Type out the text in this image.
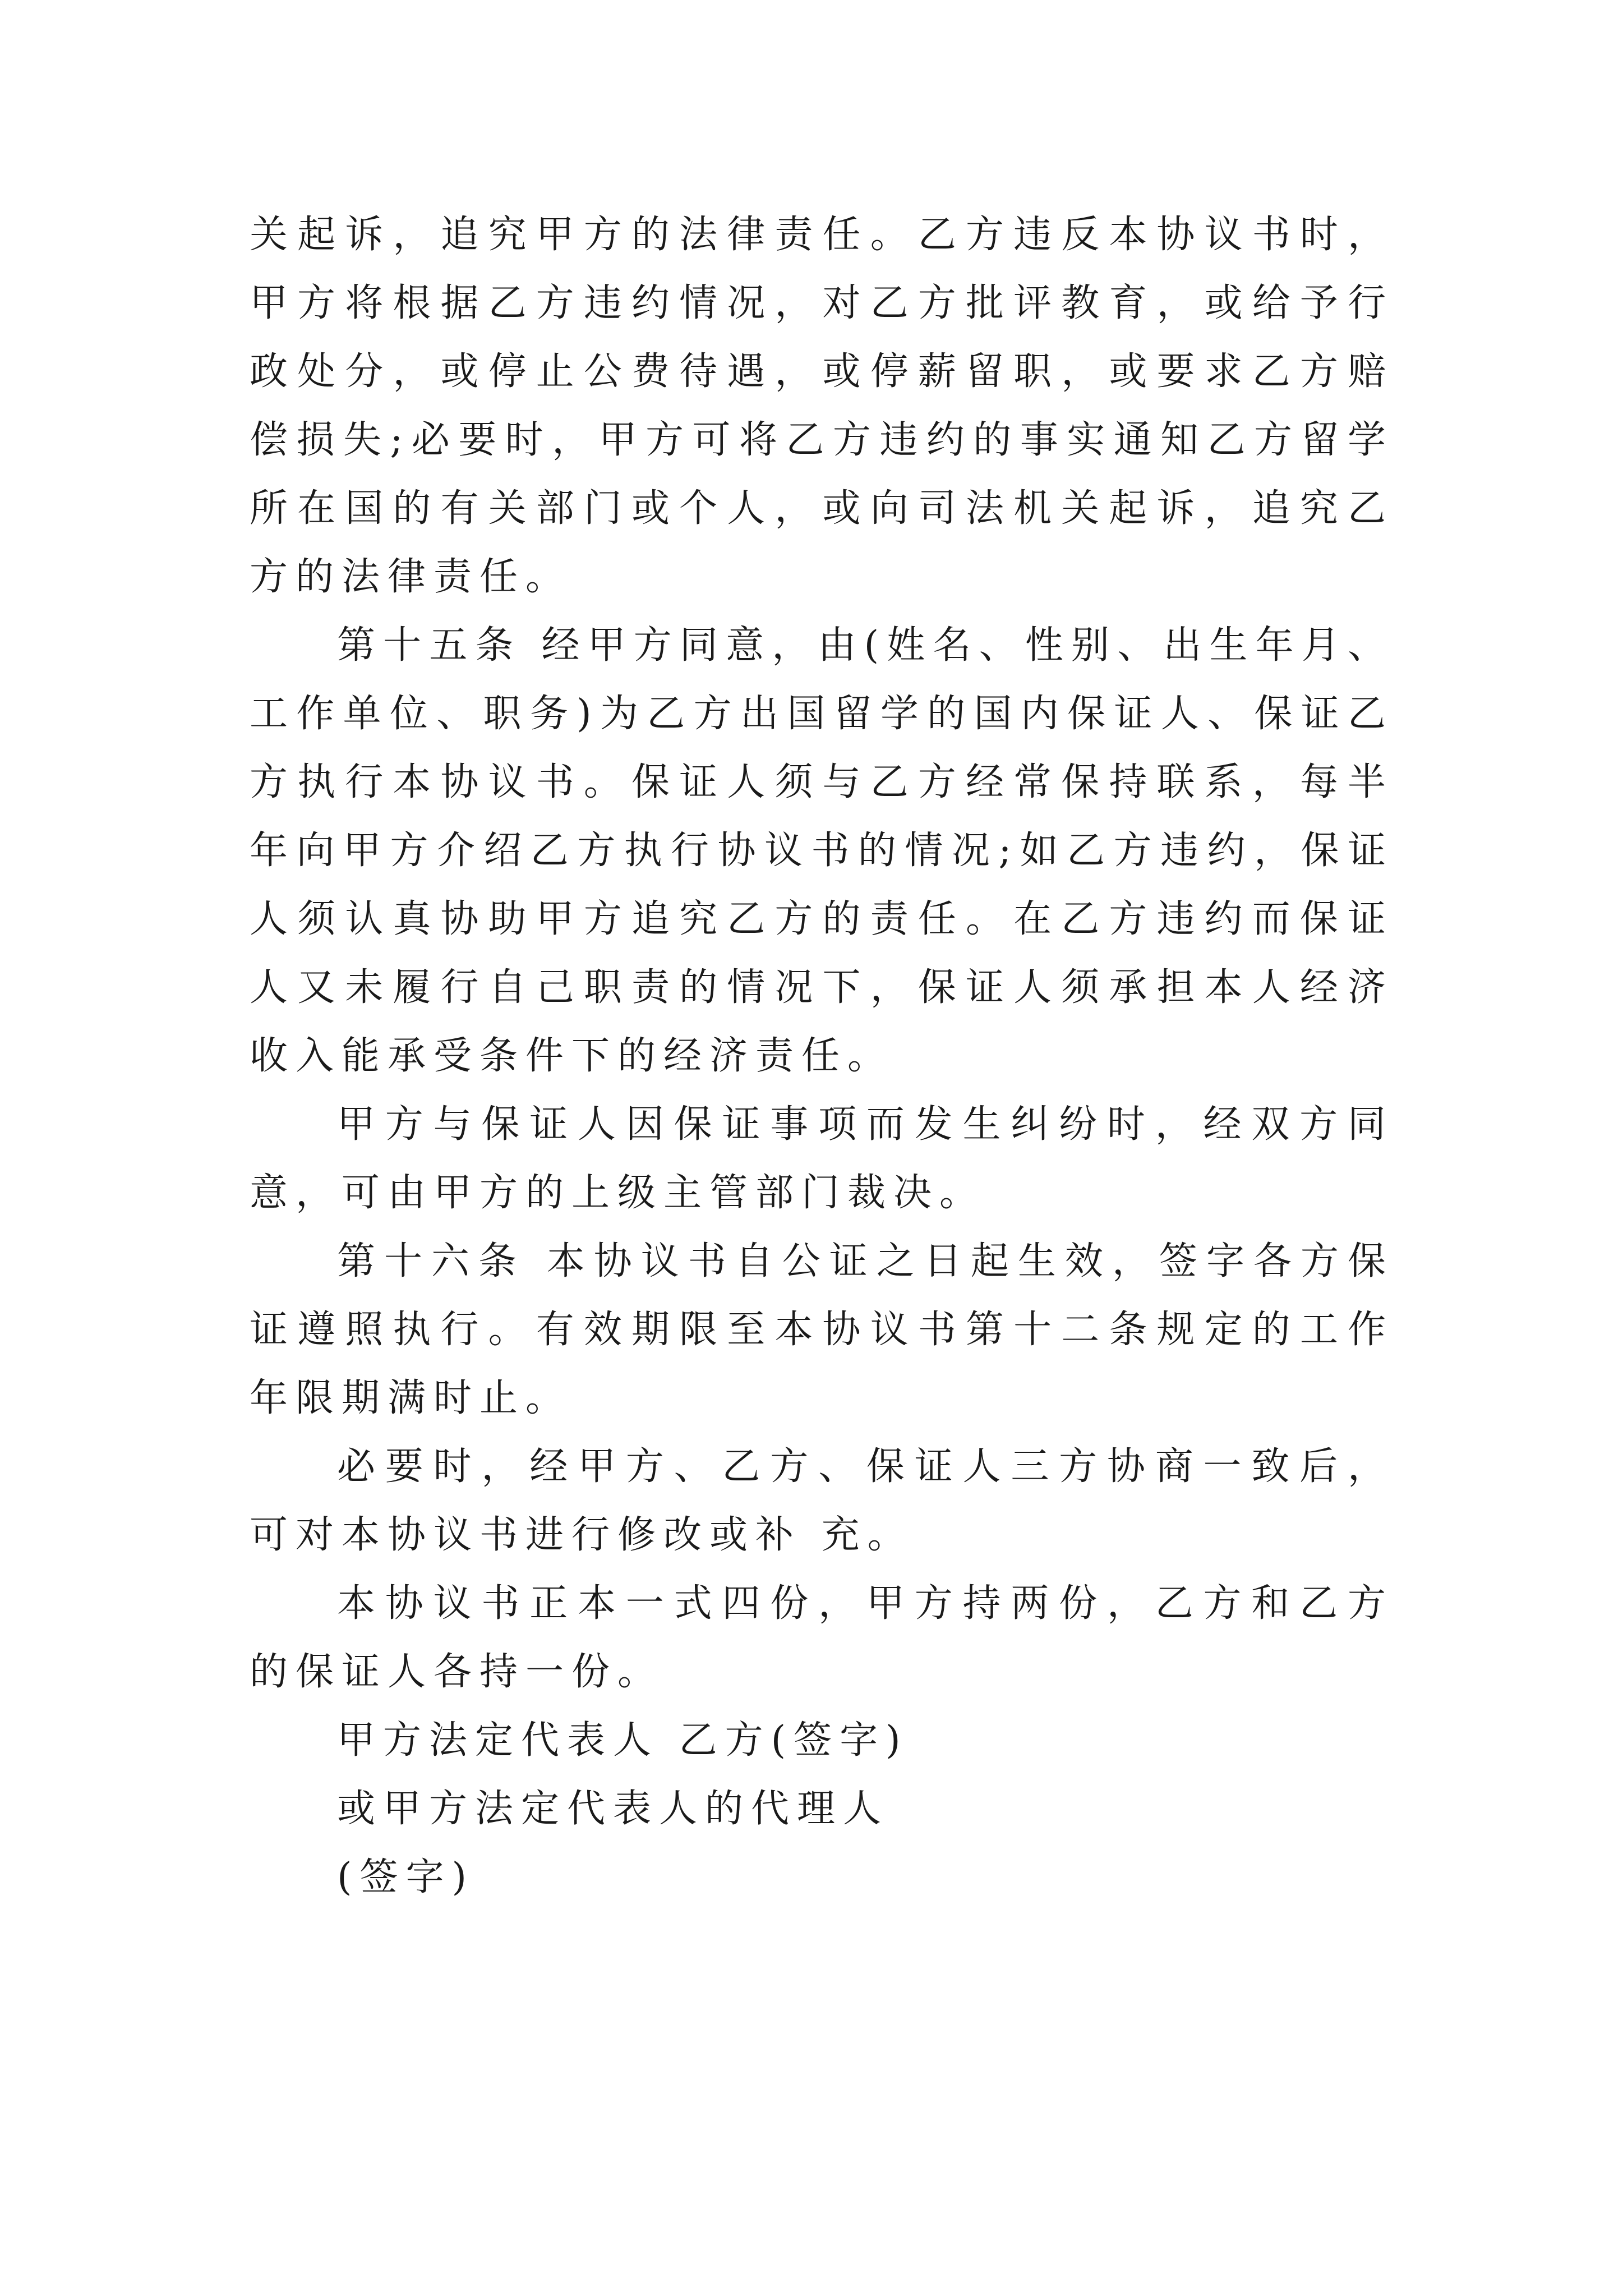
关起诉，追究甲方的法律责任。乙方违反本协议书时，甲方将根据乙方违约情况，对乙方批评教育，或给予行政处分，或停止公费待遇，或停薪留职，或要求乙方赔偿损失;必要时，甲方可将乙方违约的事实通知乙方留学所在国的有关部门或个人，或向司法机关起诉，追究乙方的法律责任。

第十五条 经甲方同意，由(姓名、性别、出生年月、工作单位、职务)为乙方出国留学的国内保证人、保证乙方执行本协议书。保证人须与乙方经常保持联系，每半年向甲方介绍乙方执行协议书的情况;如乙方违约，保证人须认真协助甲方追究乙方的责任。在乙方违约而保证人又未履行自己职责的情况下，保证人须承担本人经济收入能承受条件下的经济责任。

甲方与保证人因保证事项而发生纠纷时，经双方同意，可由甲方的上级主管部门裁决。

第十六条 本协议书自公证之日起生效，签字各方保证遵照执行。有效期限至本协议书第十二条规定的工作年限期满时止。

必要时，经甲方、乙方、保证人三方协商一致后，可对本协议书进行修改或补 充。

本协议书正本一式四份，甲方持两份，乙方和乙方的保证人各持一份。

甲方法定代表人 乙方(签字)

或甲方法定代表人的代理人

(签字)
